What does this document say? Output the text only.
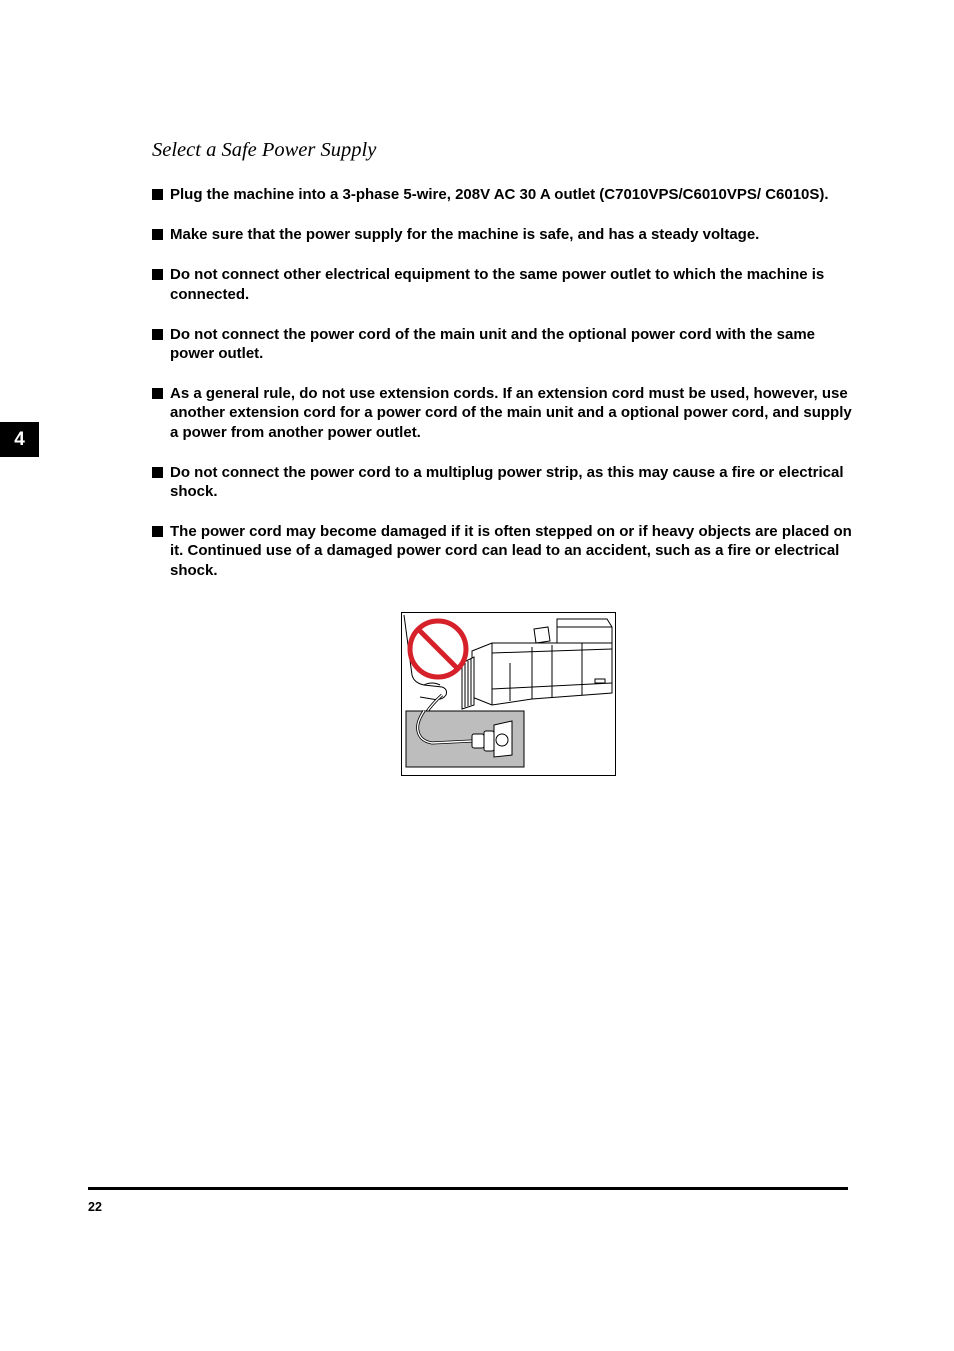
Select a Safe Power Supply
Plug the machine into a 3-phase 5-wire, 208V AC 30 A outlet (C7010VPS/C6010VPS/ C6010S).
Make sure that the power supply for the machine is safe, and has a steady voltage.
Do not connect other electrical equipment to the same power outlet to which the machine is connected.
Do not connect the power cord of the main unit and the optional power cord with the same power outlet.
As a general rule, do not use extension cords. If an extension cord must be used, however, use another extension cord for a power cord of the main unit and a optional power cord, and supply a power from another power outlet.
Do not connect the power cord to a multiplug power strip, as this may cause a fire or electrical shock.
The power cord may become damaged if it is often stepped on or if heavy objects are placed on it. Continued use of a damaged power cord can lead to an accident, such as a fire or electrical shock.
4
22
